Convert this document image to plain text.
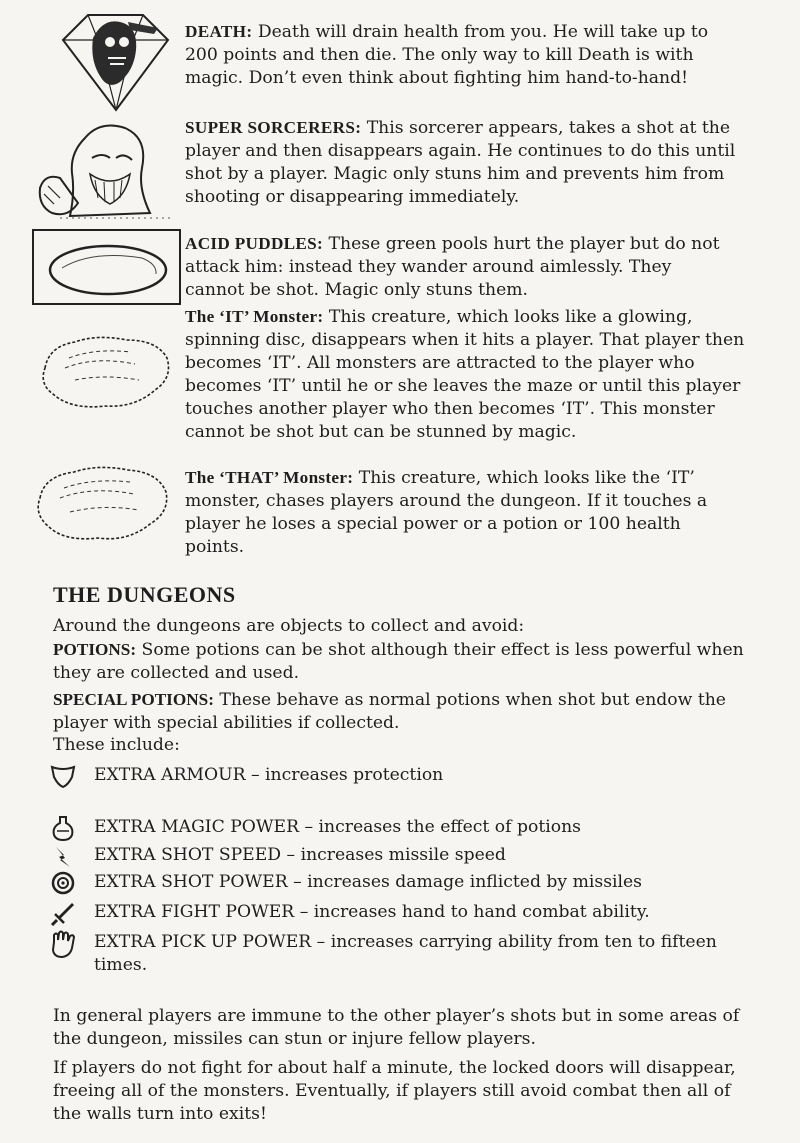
DEATH: Death will drain health from you. He will take up to 200 points and then die. The only way to kill Death is with magic. Don’t even think about fighting him hand-to-hand!

SUPER SORCERERS: This sorcerer appears, takes a shot at the player and then disappears again. He continues to do this until shot by a player. Magic only stuns him and prevents him from shooting or disappearing immediately.

ACID PUDDLES: These green pools hurt the player but do not attack him: instead they wander around aimlessly. They cannot be shot. Magic only stuns them.

The ‘IT’ Monster: This creature, which looks like a glowing, spinning disc, disappears when it hits a player. That player then becomes ‘IT’. All monsters are attracted to the player who becomes ‘IT’ until he or she leaves the maze or until this player touches another player who then becomes ‘IT’. This monster cannot be shot but can be stunned by magic.

The ‘THAT’ Monster: This creature, which looks like the ‘IT’ monster, chases players around the dungeon. If it touches a player he loses a special power or a potion or 100 health points.

THE DUNGEONS

Around the dungeons are objects to collect and avoid:

POTIONS: Some potions can be shot although their effect is less powerful when they are collected and used.

SPECIAL POTIONS: These behave as normal potions when shot but endow the player with special abilities if collected.

These include:

EXTRA ARMOUR – increases protection
EXTRA MAGIC POWER – increases the effect of potions
EXTRA SHOT SPEED – increases missile speed
EXTRA SHOT POWER – increases damage inflicted by missiles
EXTRA FIGHT POWER – increases hand to hand combat ability.
EXTRA PICK UP POWER – increases carrying ability from ten to fifteen times.

In general players are immune to the other player’s shots but in some areas of the dungeon, missiles can stun or injure fellow players.

If players do not fight for about half a minute, the locked doors will disappear, freeing all of the monsters. Eventually, if players still avoid combat then all of the walls turn into exits!
